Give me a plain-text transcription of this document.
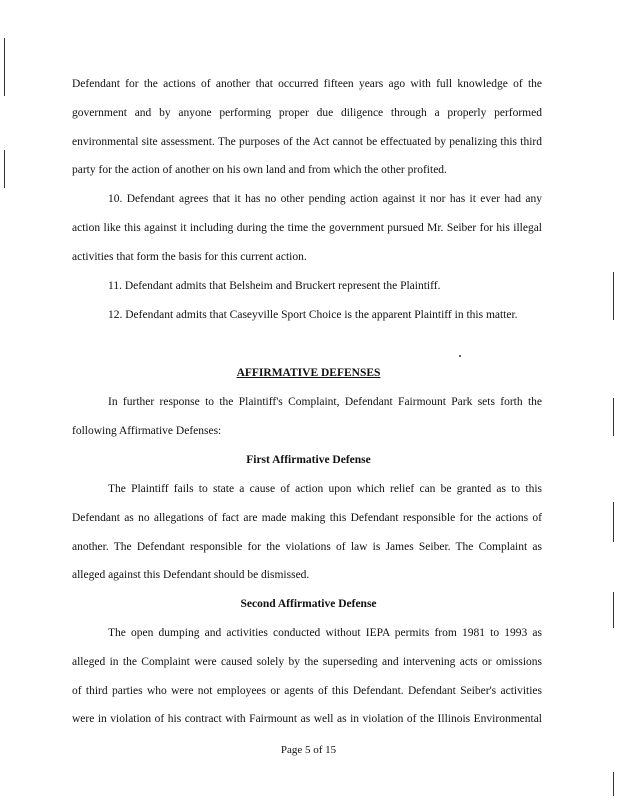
Defendant for the actions of another that occurred fifteen years ago with full knowledge of the
government and by anyone performing proper due diligence through a properly performed
environmental site assessment. The purposes of the Act cannot be effectuated by penalizing this third
party for the action of another on his own land and from which the other profited.
10. Defendant agrees that it has no other pending action against it nor has it ever had any
action like this against it including during the time the government pursued Mr. Seiber for his illegal
activities that form the basis for this current action.
11. Defendant admits that Belsheim and Bruckert represent the Plaintiff.
12. Defendant admits that Caseyville Sport Choice is the apparent Plaintiff in this matter.
AFFIRMATIVE DEFENSES
In further response to the Plaintiff's Complaint, Defendant Fairmount Park sets forth the
following Affirmative Defenses:
First Affirmative Defense
The Plaintiff fails to state a cause of action upon which relief can be granted as to this
Defendant as no allegations of fact are made making this Defendant responsible for the actions of
another. The Defendant responsible for the violations of law is James Seiber. The Complaint as
alleged against this Defendant should be dismissed.
Second Affirmative Defense
The open dumping and activities conducted without IEPA permits from 1981 to 1993 as
alleged in the Complaint were caused solely by the superseding and intervening acts or omissions
of third parties who were not employees or agents of this Defendant. Defendant Seiber's activities
were in violation of his contract with Fairmount as well as in violation of the Illinois Environmental
Page 5 of 15
